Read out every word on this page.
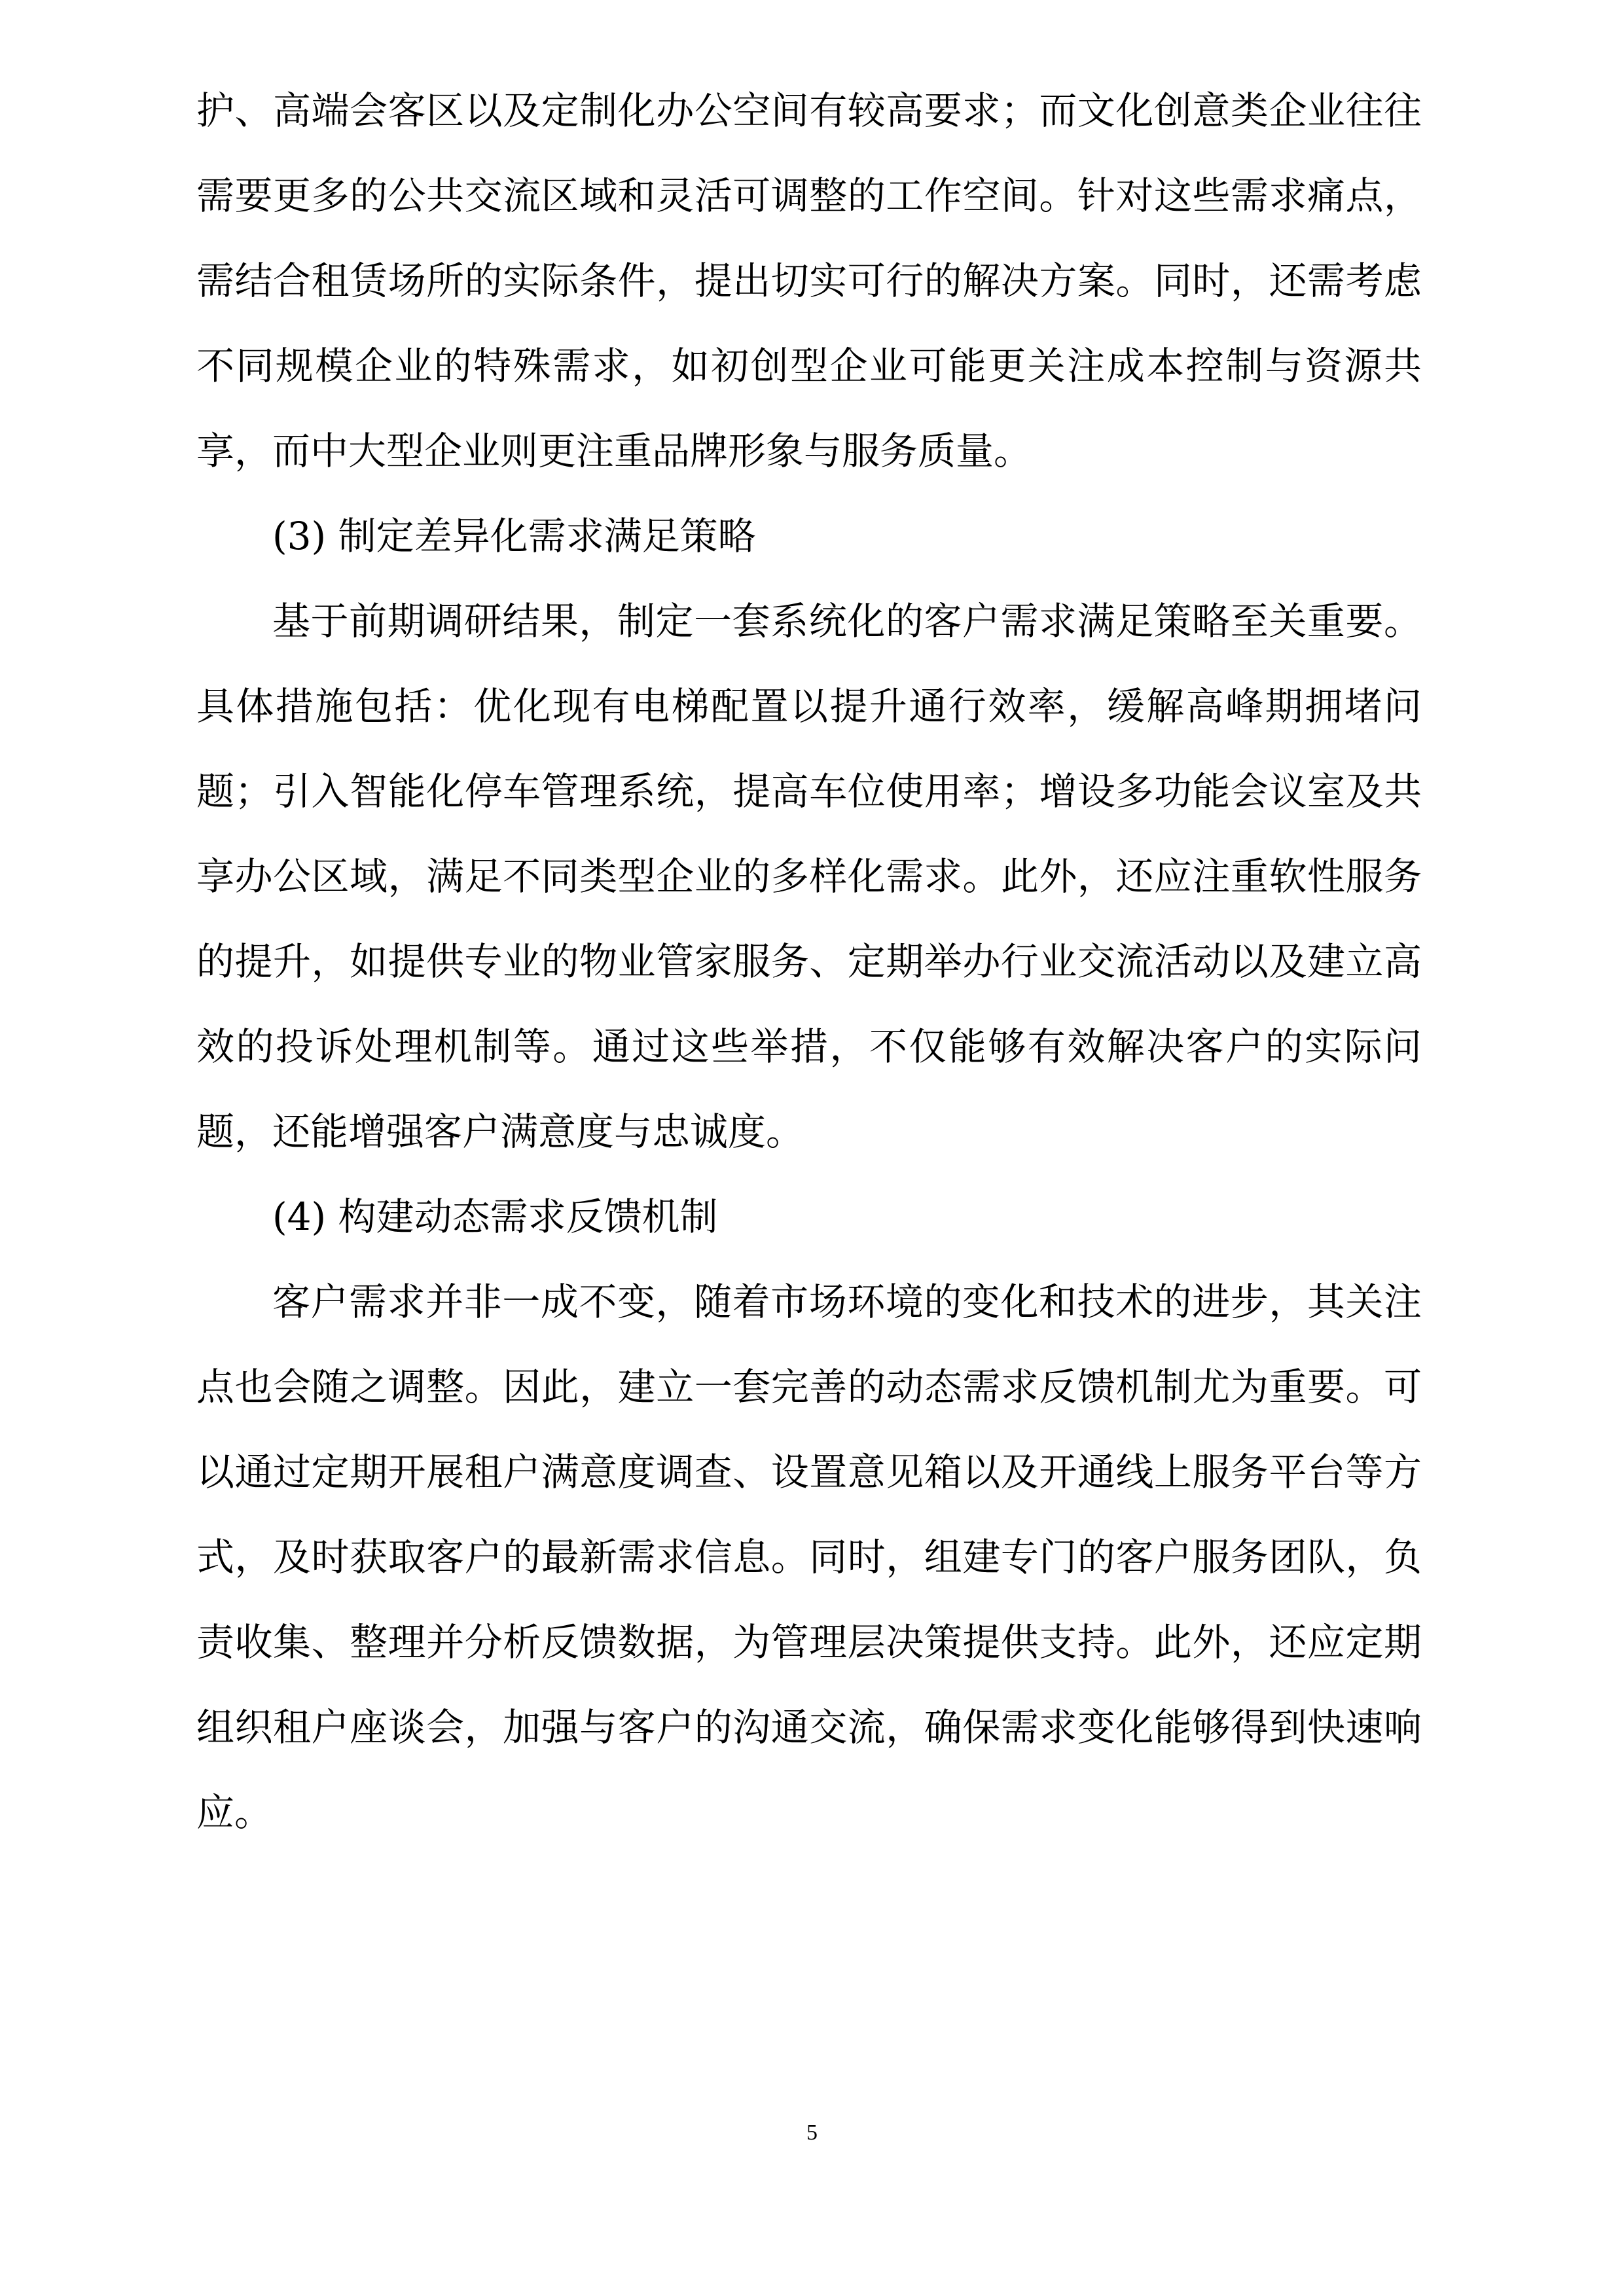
护、高端会客区以及定制化办公空间有较高要求；而文化创意类企业往往
需要更多的公共交流区域和灵活可调整的工作空间。针对这些需求痛点，
需结合租赁场所的实际条件，提出切实可行的解决方案。同时，还需考虑
不同规模企业的特殊需求，如初创型企业可能更关注成本控制与资源共
享，而中大型企业则更注重品牌形象与服务质量。
(3) 制定差异化需求满足策略
基于前期调研结果，制定一套系统化的客户需求满足策略至关重要。
具体措施包括：优化现有电梯配置以提升通行效率，缓解高峰期拥堵问
题；引入智能化停车管理系统，提高车位使用率；增设多功能会议室及共
享办公区域，满足不同类型企业的多样化需求。此外，还应注重软性服务
的提升，如提供专业的物业管家服务、定期举办行业交流活动以及建立高
效的投诉处理机制等。通过这些举措，不仅能够有效解决客户的实际问
题，还能增强客户满意度与忠诚度。
(4) 构建动态需求反馈机制
客户需求并非一成不变，随着市场环境的变化和技术的进步，其关注
点也会随之调整。因此，建立一套完善的动态需求反馈机制尤为重要。可
以通过定期开展租户满意度调查、设置意见箱以及开通线上服务平台等方
式，及时获取客户的最新需求信息。同时，组建专门的客户服务团队，负
责收集、整理并分析反馈数据，为管理层决策提供支持。此外，还应定期
组织租户座谈会，加强与客户的沟通交流，确保需求变化能够得到快速响
应。
5
